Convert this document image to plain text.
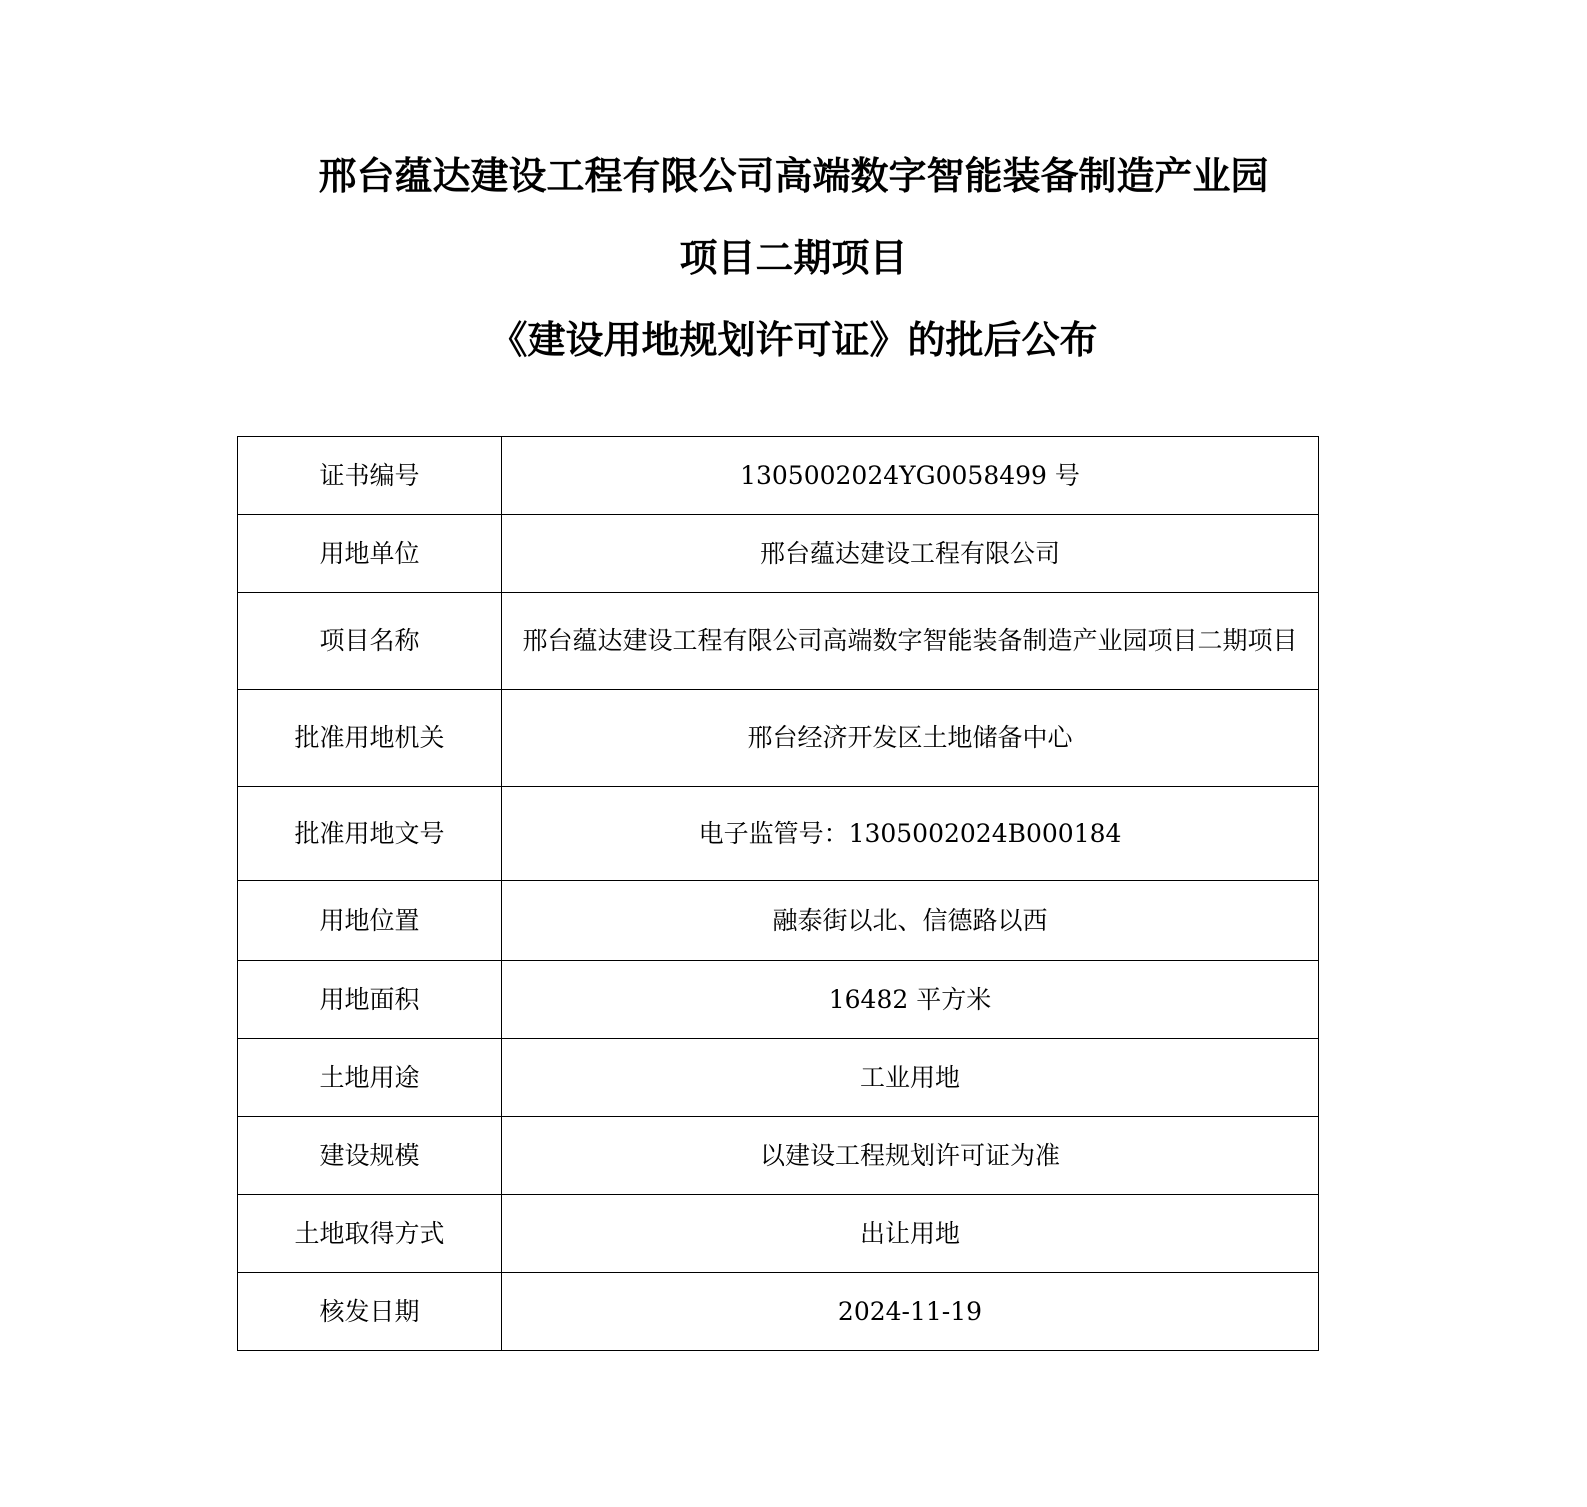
邢台蕴达建设工程有限公司高端数字智能装备制造产业园
项目二期项目
《建设用地规划许可证》的批后公布
证书编号	1305002024YG0058499 号
用地单位	邢台蕴达建设工程有限公司
项目名称	邢台蕴达建设工程有限公司高端数字智能装备制造产业园项目二期项目
批准用地机关	邢台经济开发区土地储备中心
批准用地文号	电子监管号：1305002024B000184
用地位置	融泰街以北、信德路以西
用地面积	16482 平方米
土地用途	工业用地
建设规模	以建设工程规划许可证为准
土地取得方式	出让用地
核发日期	2024-11-19
